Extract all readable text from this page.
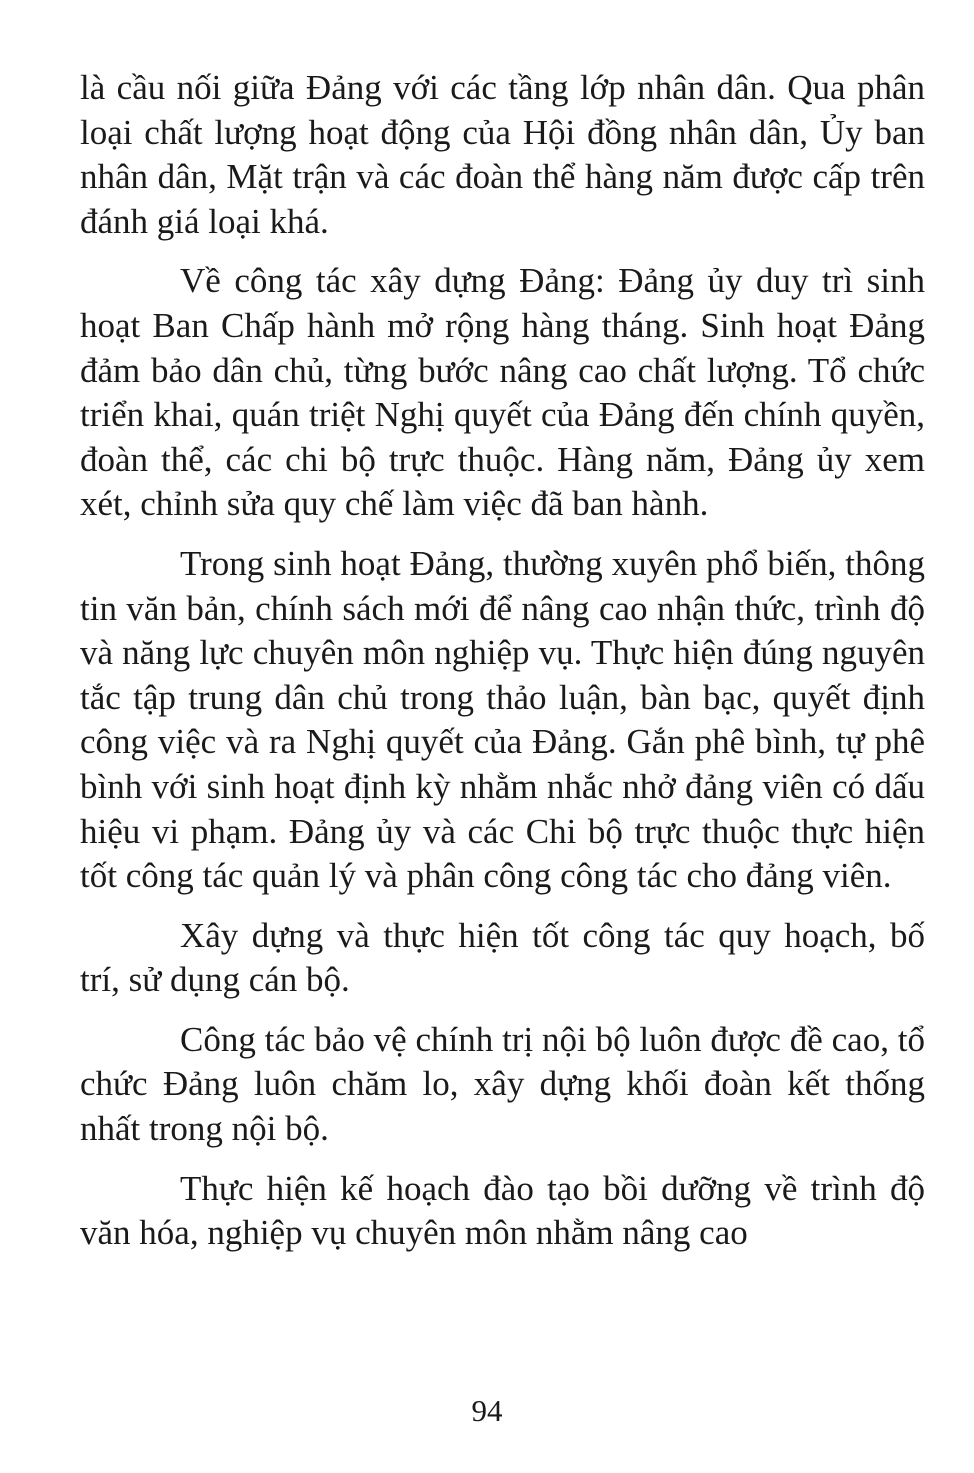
là cầu nối giữa Đảng với các tầng lớp nhân dân. Qua phân loại chất lượng hoạt động của Hội đồng nhân dân, Ủy ban nhân dân, Mặt trận và các đoàn thể hàng năm được cấp trên đánh giá loại khá.

Về công tác xây dựng Đảng: Đảng ủy duy trì sinh hoạt Ban Chấp hành mở rộng hàng tháng. Sinh hoạt Đảng đảm bảo dân chủ, từng bước nâng cao chất lượng. Tổ chức triển khai, quán triệt Nghị quyết của Đảng đến chính quyền, đoàn thể, các chi bộ trực thuộc. Hàng năm, Đảng ủy xem xét, chỉnh sửa quy chế làm việc đã ban hành.

Trong sinh hoạt Đảng, thường xuyên phổ biến, thông tin văn bản, chính sách mới để nâng cao nhận thức, trình độ và năng lực chuyên môn nghiệp vụ. Thực hiện đúng nguyên tắc tập trung dân chủ trong thảo luận, bàn bạc, quyết định công việc và ra Nghị quyết của Đảng. Gắn phê bình, tự phê bình với sinh hoạt định kỳ nhằm nhắc nhở đảng viên có dấu hiệu vi phạm. Đảng ủy và các Chi bộ trực thuộc thực hiện tốt công tác quản lý và phân công công tác cho đảng viên.

Xây dựng và thực hiện tốt công tác quy hoạch, bố trí, sử dụng cán bộ.

Công tác bảo vệ chính trị nội bộ luôn được đề cao, tổ chức Đảng luôn chăm lo, xây dựng khối đoàn kết thống nhất trong nội bộ.

Thực hiện kế hoạch đào tạo bồi dưỡng về trình độ văn hóa, nghiệp vụ chuyên môn nhằm nâng cao

94
